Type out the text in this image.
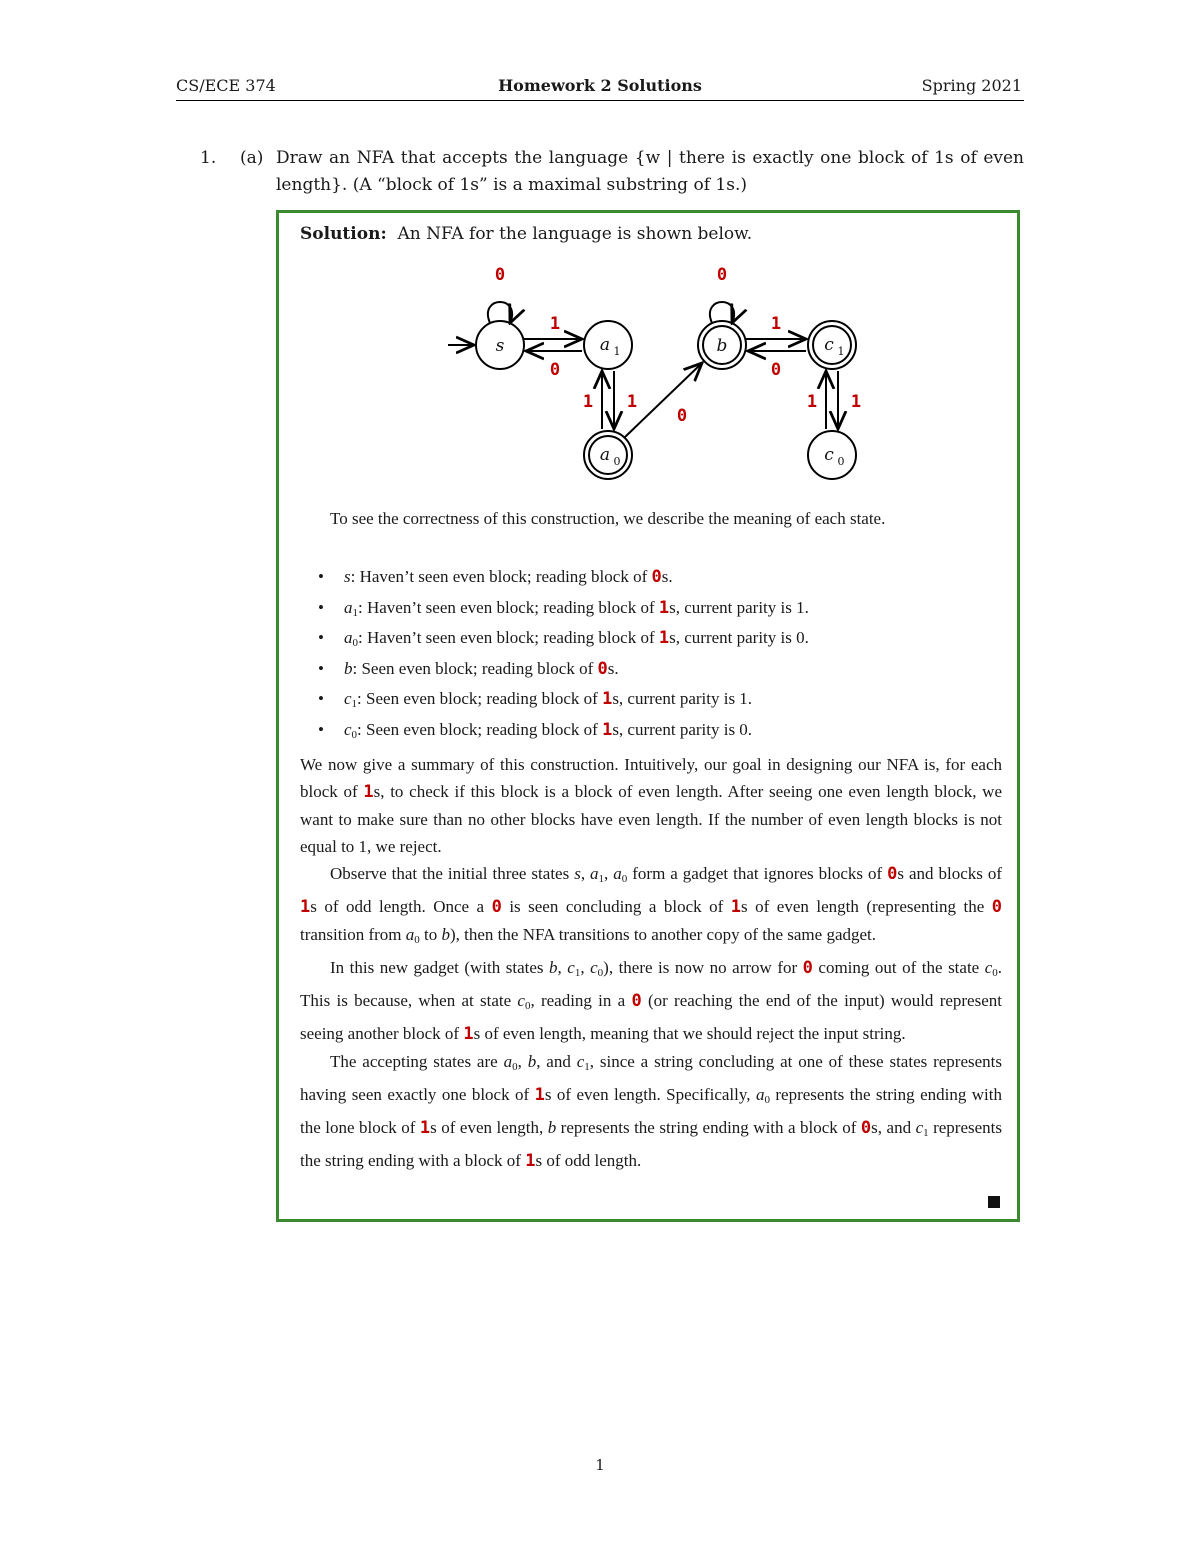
CS/ECE 374	Homework 2 Solutions	Spring 2021
1. (a) Draw an NFA that accepts the language {w | there is exactly one block of 1s of even length}. (A “block of 1s” is a maximal substring of 1s.)
Solution: An NFA for the language is shown below.
s	a 1
a 0
b	c 1
c 0
0
1
0
1
1
0
0
1
0
1
1

To see the correctness of this construction, we describe the meaning of each state.

• s: Haven’t seen even block; reading block of 0s.
• $a_1$: Haven’t seen even block; reading block of 1s, current parity is 1.
• $a_0$: Haven’t seen even block; reading block of 1s, current parity is 0.
• b: Seen even block; reading block of 0s.
• $c_1$: Seen even block; reading block of 1s, current parity is 1.
• $c_0$: Seen even block; reading block of 1s, current parity is 0.

We now give a summary of this construction. Intuitively, our goal in designing our NFA is, for each block of 1s, to check if this block is a block of even length. After seeing one even length block, we want to make sure than no other blocks have even length. If the number of even length blocks is not equal to 1, we reject.

Observe that the initial three states s, $a_1$, $a_0$ form a gadget that ignores blocks of 0s and blocks of 1s of odd length. Once a 0 is seen concluding a block of 1s of even length (representing the 0 transition from $a_0$ to b), then the NFA transitions to another copy of the same gadget.

In this new gadget (with states b, $c_1$, $c_0$), there is now no arrow for 0 coming out of the state $c_0$. This is because, when at state $c_0$, reading in a 0 (or reaching the end of the input) would represent seeing another block of 1s of even length, meaning that we should reject the input string.

The accepting states are $a_0$, b, and $c_1$, since a string concluding at one of these states represents having seen exactly one block of 1s of even length. Specifically, $a_0$ represents the string ending with the lone block of 1s of even length, b represents the string ending with a block of 0s, and $c_1$ represents the string ending with a block of 1s of odd length.

1
